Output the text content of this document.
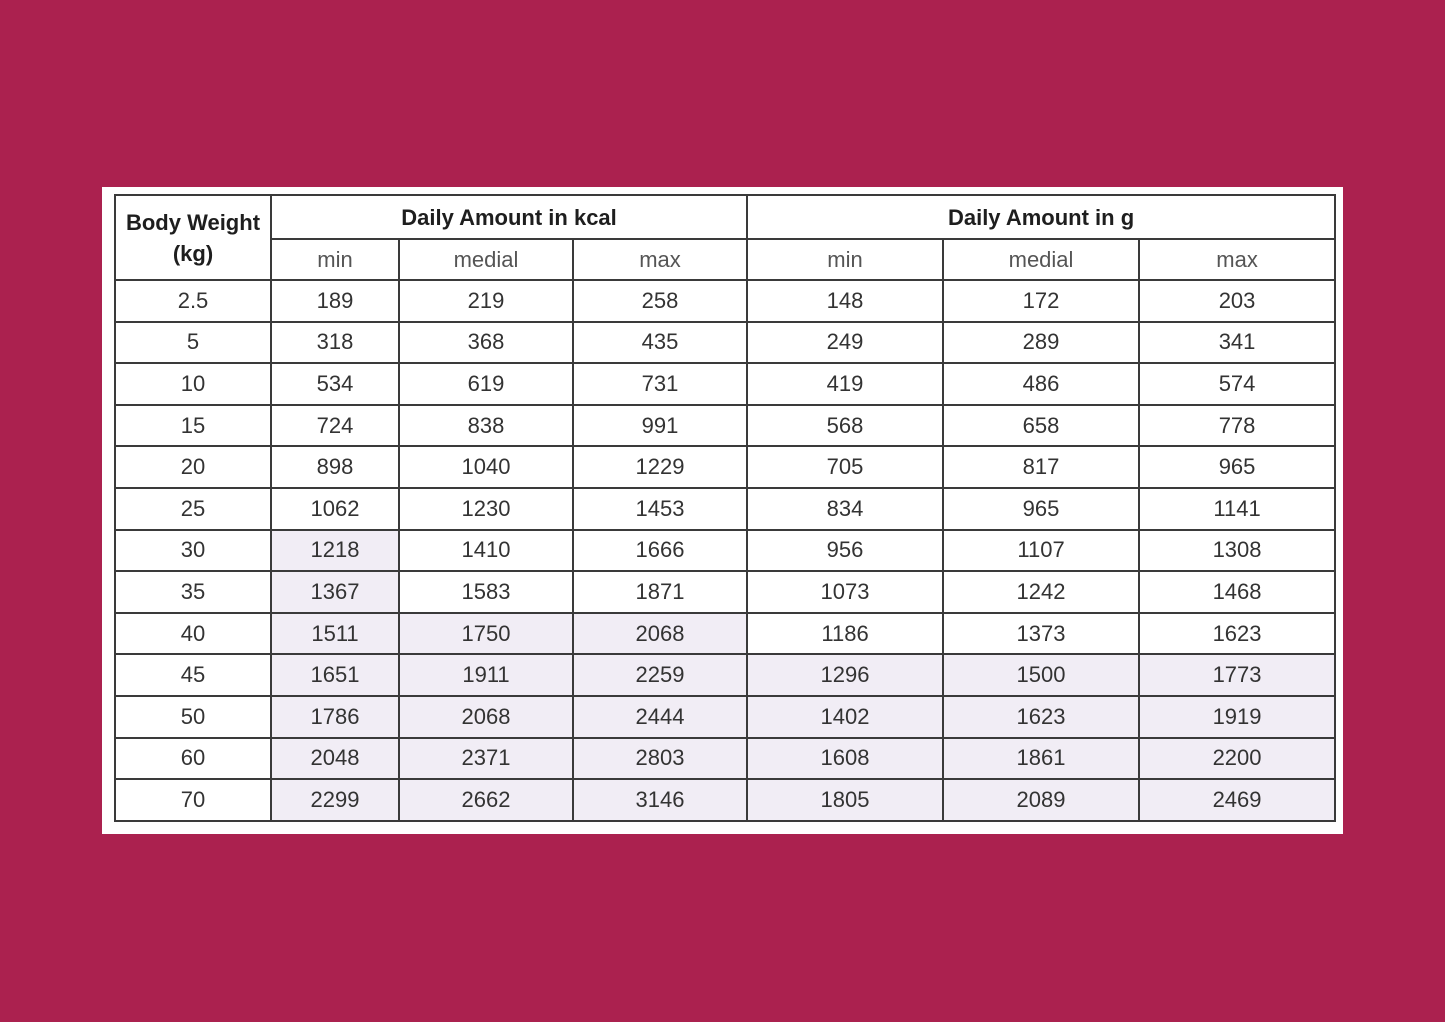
Body Weight (kg)	Daily Amount in kcal			Daily Amount in g		
	min	medial	max	min	medial	max
2.5	189	219	258	148	172	203
5	318	368	435	249	289	341
10	534	619	731	419	486	574
15	724	838	991	568	658	778
20	898	1040	1229	705	817	965
25	1062	1230	1453	834	965	1141
30	1218	1410	1666	956	1107	1308
35	1367	1583	1871	1073	1242	1468
40	1511	1750	2068	1186	1373	1623
45	1651	1911	2259	1296	1500	1773
50	1786	2068	2444	1402	1623	1919
60	2048	2371	2803	1608	1861	2200
70	2299	2662	3146	1805	2089	2469
